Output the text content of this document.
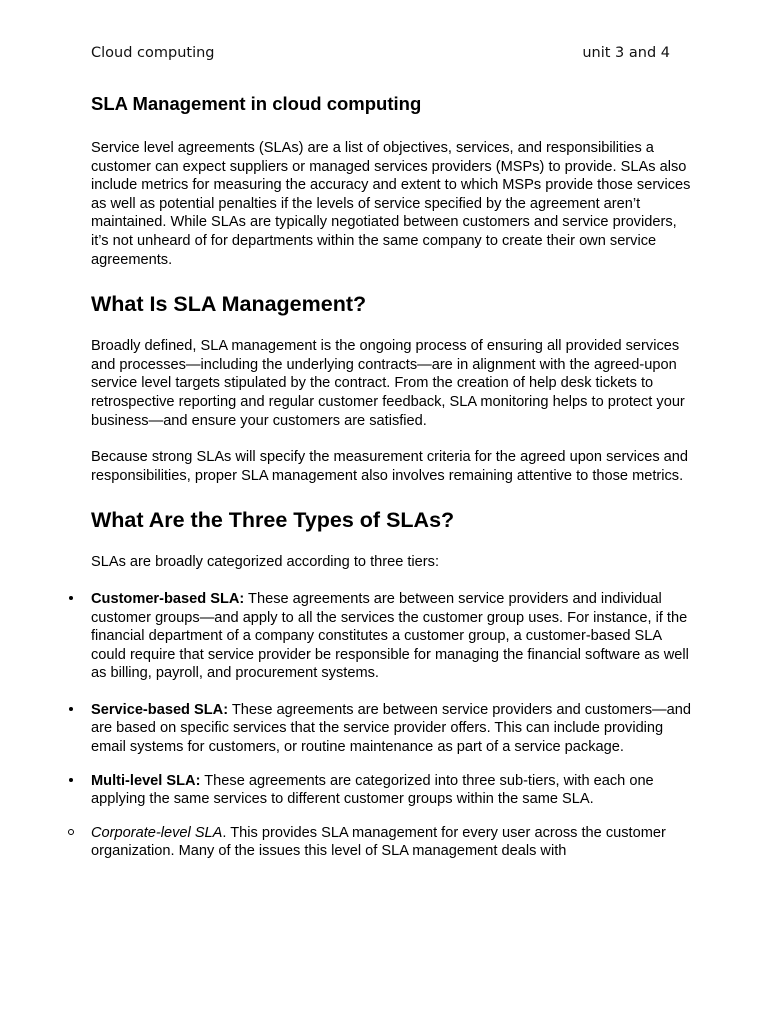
Cloud computing	unit 3 and 4
SLA Management in cloud computing

Service level agreements (SLAs) are a list of objectives, services, and responsibilities a customer can expect suppliers or managed services providers (MSPs) to provide. SLAs also include metrics for measuring the accuracy and extent to which MSPs provide those services as well as potential penalties if the levels of service specified by the agreement aren’t maintained. While SLAs are typically negotiated between customers and service providers, it’s not unheard of for departments within the same company to create their own service agreements.

What Is SLA Management?

Broadly defined, SLA management is the ongoing process of ensuring all provided services and processes—including the underlying contracts—are in alignment with the agreed-upon service level targets stipulated by the contract. From the creation of help desk tickets to retrospective reporting and regular customer feedback, SLA monitoring helps to protect your business—and ensure your customers are satisfied.

Because strong SLAs will specify the measurement criteria for the agreed upon services and responsibilities, proper SLA management also involves remaining attentive to those metrics.

What Are the Three Types of SLAs?

SLAs are broadly categorized according to three tiers:

Customer-based SLA: These agreements are between service providers and individual customer groups—and apply to all the services the customer group uses. For instance, if the financial department of a company constitutes a customer group, a customer-based SLA could require that service provider be responsible for managing the financial software as well as billing, payroll, and procurement systems.
Service-based SLA: These agreements are between service providers and customers—and are based on specific services that the service provider offers. This can include providing email systems for customers, or routine maintenance as part of a service package.
Multi-level SLA: These agreements are categorized into three sub-tiers, with each one applying the same services to different customer groups within the same SLA.
Corporate-level SLA. This provides SLA management for every user across the customer organization. Many of the issues this level of SLA management deals with
